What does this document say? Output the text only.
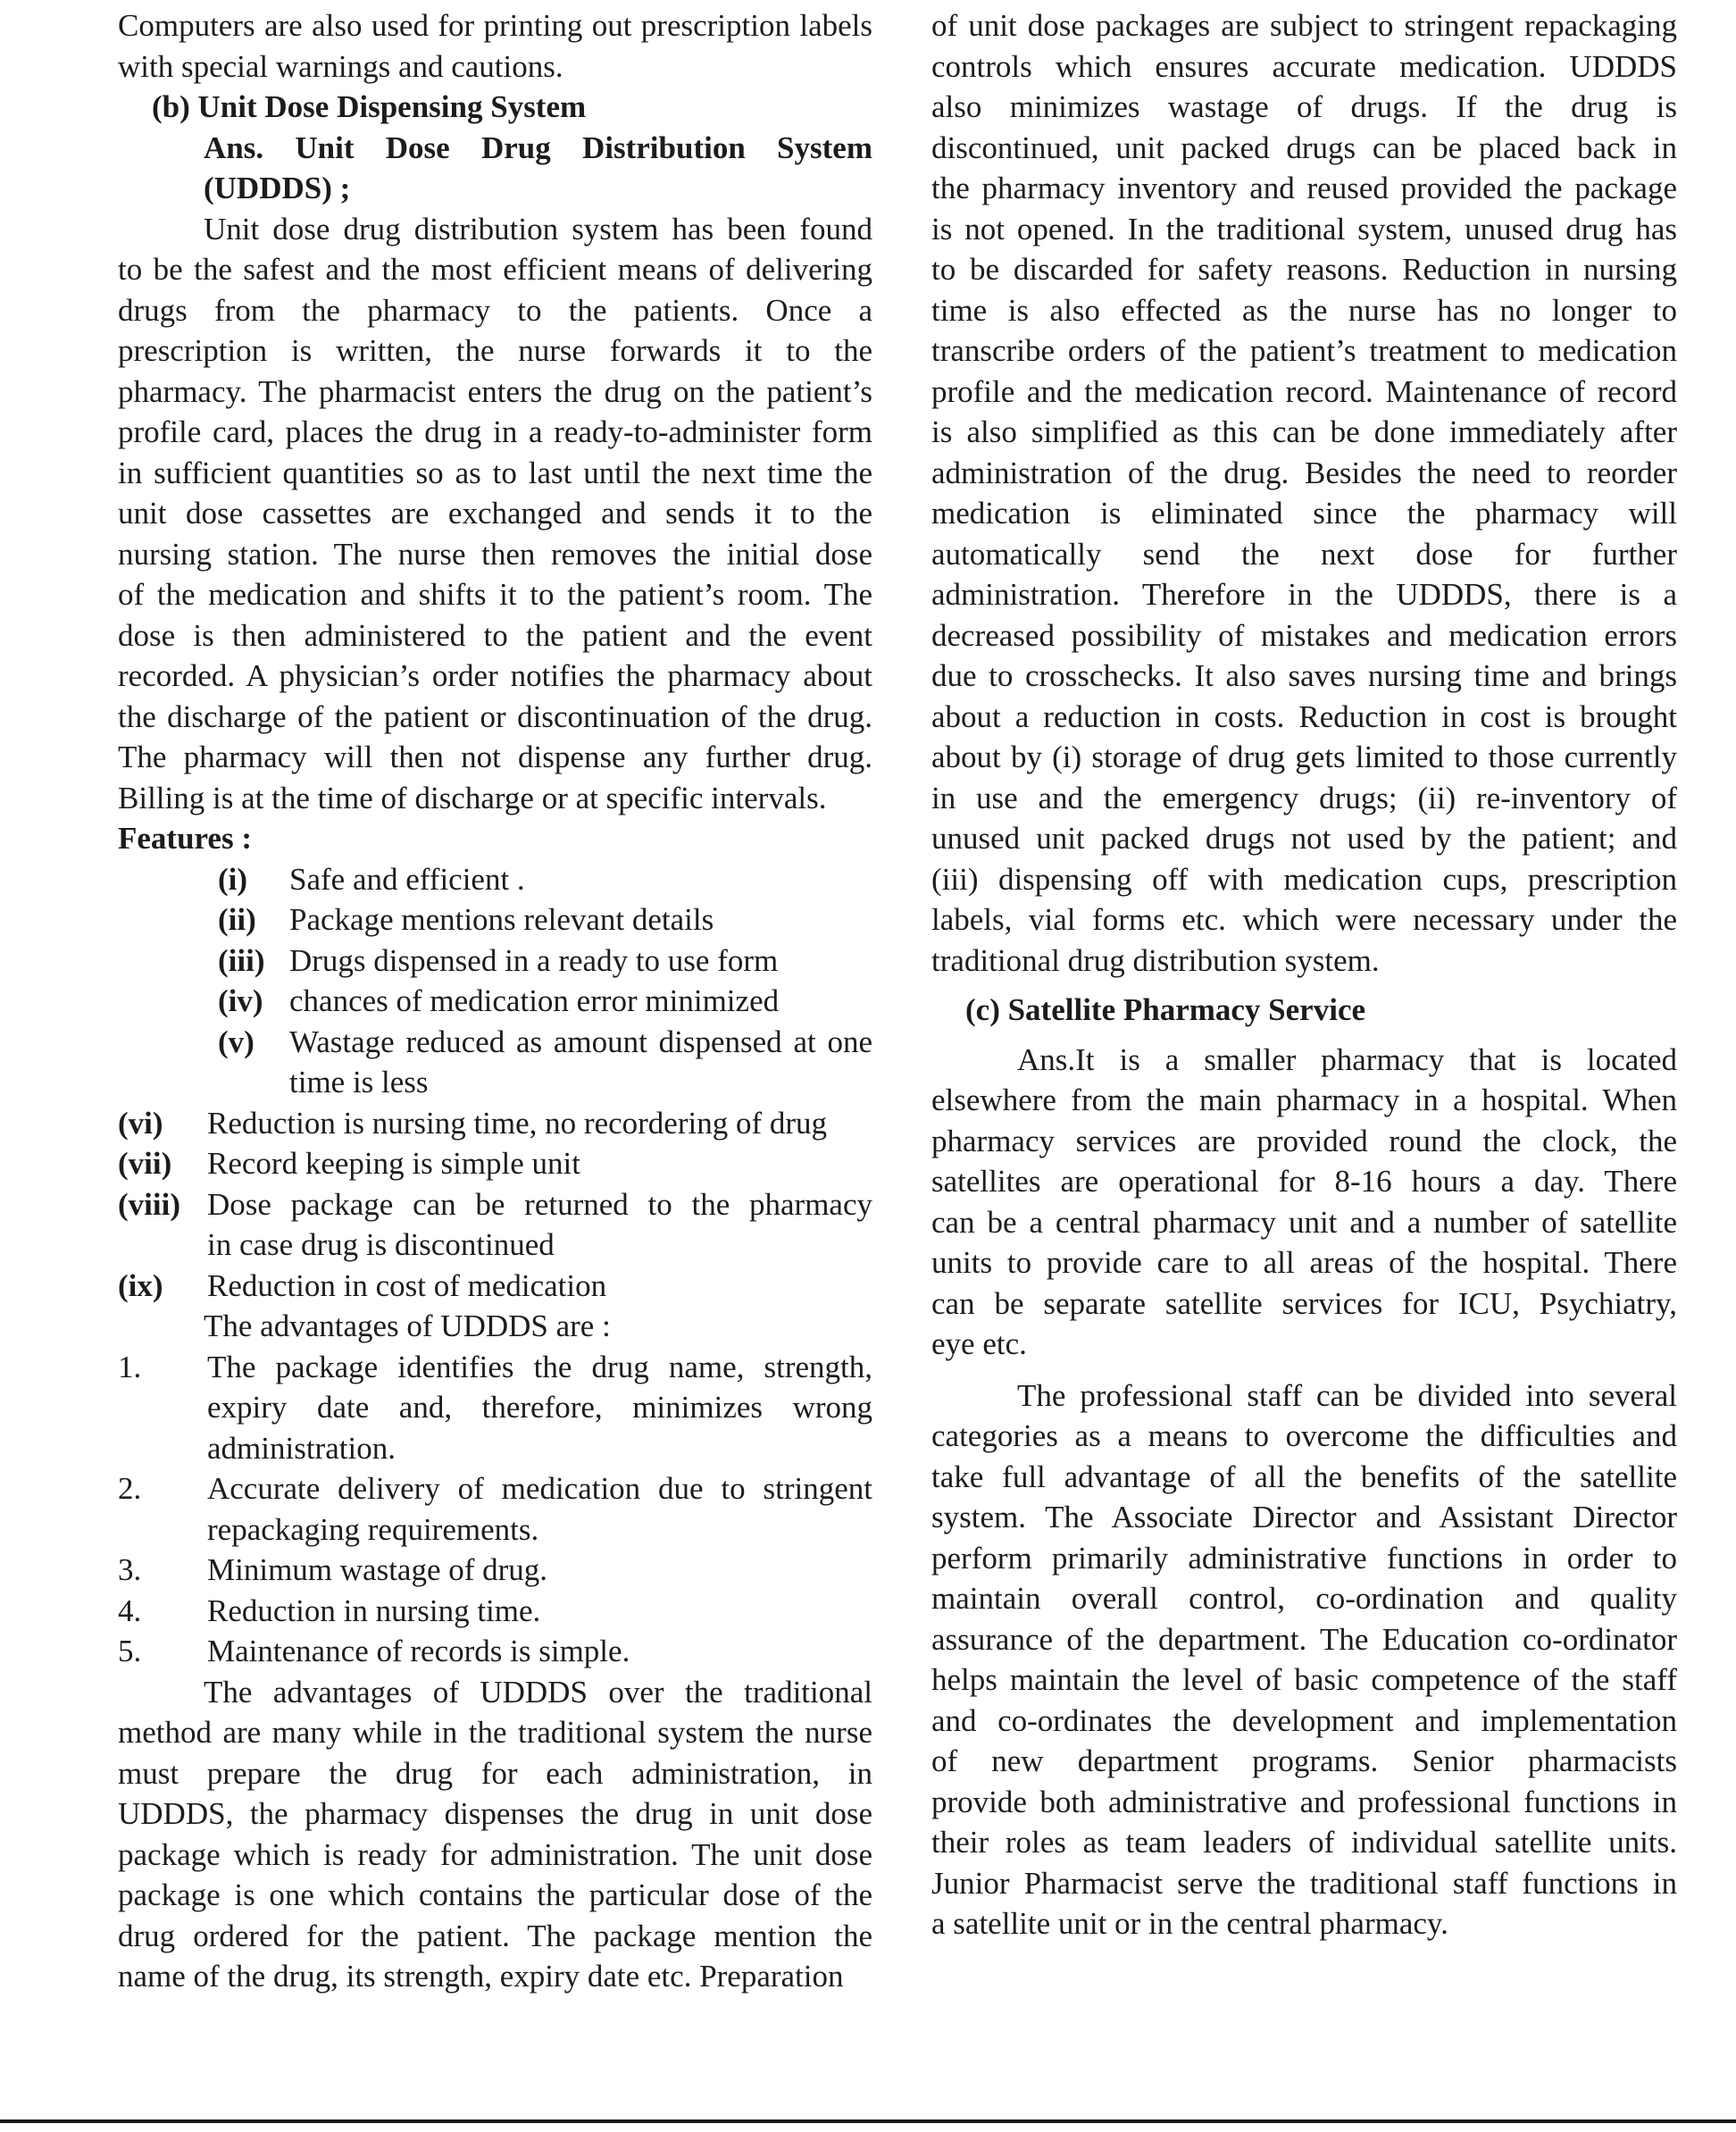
Computers are also used for printing out prescription labels
with special warnings and cautions.
(b) Unit Dose Dispensing System
Ans. Unit Dose Drug Distribution System
(UDDDS) ;
Unit dose drug distribution system has been found
to be the safest and the most efficient means of delivering
drugs from the pharmacy to the patients. Once a
prescription is written, the nurse forwards it to the
pharmacy. The pharmacist enters the drug on the patient’s
profile card, places the drug in a ready-to-administer form
in sufficient quantities so as to last until the next time the
unit dose cassettes are exchanged and sends it to the
nursing station. The nurse then removes the initial dose
of the medication and shifts it to the patient’s room. The
dose is then administered to the patient and the event
recorded. A physician’s order notifies the pharmacy about
the discharge of the patient or discontinuation of the drug.
The pharmacy will then not dispense any further drug.
Billing is at the time of discharge or at specific intervals.
Features :
(i)	Safe and efficient .
(ii)	Package mentions relevant details
(iii) Drugs dispensed in a ready to use form
(iv) chances of medication error minimized
(v)	Wastage reduced as amount dispensed at one
time is less
(vi)	Reduction is nursing time, no recordering of drug
(vii)	Record keeping is simple unit
(viii) Dose package can be returned to the pharmacy
in case drug is discontinued
(ix)	Reduction in cost of medication
The advantages of UDDDS are :
1.	The package identifies the drug name, strength,
expiry date and, therefore, minimizes wrong
administration.
2.	Accurate delivery of medication due to stringent
repackaging requirements.
3.	Minimum wastage of drug.
4.	Reduction in nursing time.
5.	Maintenance of records is simple.
The advantages of UDDDS over the traditional
method are many while in the traditional system the nurse
must prepare the drug for each administration, in
UDDDS, the pharmacy dispenses the drug in unit dose
package which is ready for administration. The unit dose
package is one which contains the particular dose of the
drug ordered for the patient. The package mention the
name of the drug, its strength, expiry date etc. Preparation
of unit dose packages are subject to stringent repackaging
controls which ensures accurate medication. UDDDS
also minimizes wastage of drugs. If the drug is
discontinued, unit packed drugs can be placed back in
the pharmacy inventory and reused provided the package
is not opened. In the traditional system, unused drug has
to be discarded for safety reasons. Reduction in nursing
time is also effected as the nurse has no longer to
transcribe orders of the patient’s treatment to medication
profile and the medication record. Maintenance of record
is also simplified as this can be done immediately after
administration of the drug. Besides the need to reorder
medication is eliminated since the pharmacy will
automatically send the next dose for further
administration. Therefore in the UDDDS, there is a
decreased possibility of mistakes and medication errors
due to crosschecks. It also saves nursing time and brings
about a reduction in costs. Reduction in cost is brought
about by (i) storage of drug gets limited to those currently
in use and the emergency drugs; (ii) re-inventory of
unused unit packed drugs not used by the patient; and
(iii) dispensing off with medication cups, prescription
labels, vial forms etc. which were necessary under the
traditional drug distribution system.
(c) Satellite Pharmacy Service
Ans.It is a smaller pharmacy that is located
elsewhere from the main pharmacy in a hospital. When
pharmacy services are provided round the clock, the
satellites are operational for 8-16 hours a day. There
can be a central pharmacy unit and a number of satellite
units to provide care to all areas of the hospital. There
can be separate satellite services for ICU, Psychiatry,
eye etc.
The professional staff can be divided into several
categories as a means to overcome the difficulties and
take full advantage of all the benefits of the satellite
system. The Associate Director and Assistant Director
perform primarily administrative functions in order to
maintain overall control, co-ordination and quality
assurance of the department. The Education co-ordinator
helps maintain the level of basic competence of the staff
and co-ordinates the development and implementation
of new department programs. Senior pharmacists
provide both administrative and professional functions in
their roles as team leaders of individual satellite units.
Junior Pharmacist serve the traditional staff functions in
a satellite unit or in the central pharmacy.
